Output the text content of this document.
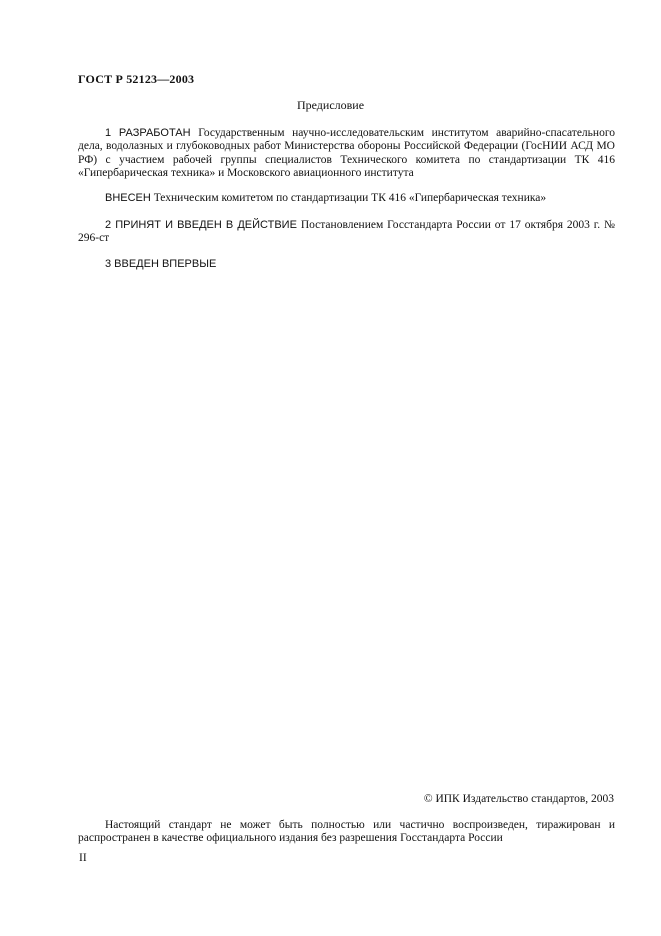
ГОСТ Р 52123—2003
Предисловие

1 РАЗРАБОТАН Государственным научно-исследовательским институтом аварийно-спасательного дела, водолазных и глубоководных работ Министерства обороны Российской Федерации (ГосНИИ АСД МО РФ) с участием рабочей группы специалистов Технического комитета по стандартизации ТК 416 «Гипербарическая техника» и Московского авиационного института

ВНЕСЕН Техническим комитетом по стандартизации ТК 416 «Гипербарическая техника»

2 ПРИНЯТ И ВВЕДЕН В ДЕЙСТВИЕ Постановлением Госстандарта России от 17 октября 2003 г. № 296-ст

3 ВВЕДЕН ВПЕРВЫЕ

© ИПК Издательство стандартов, 2003

Настоящий стандарт не может быть полностью или частично воспроизведен, тиражирован и распространен в качестве официального издания без разрешения Госстандарта России

II
